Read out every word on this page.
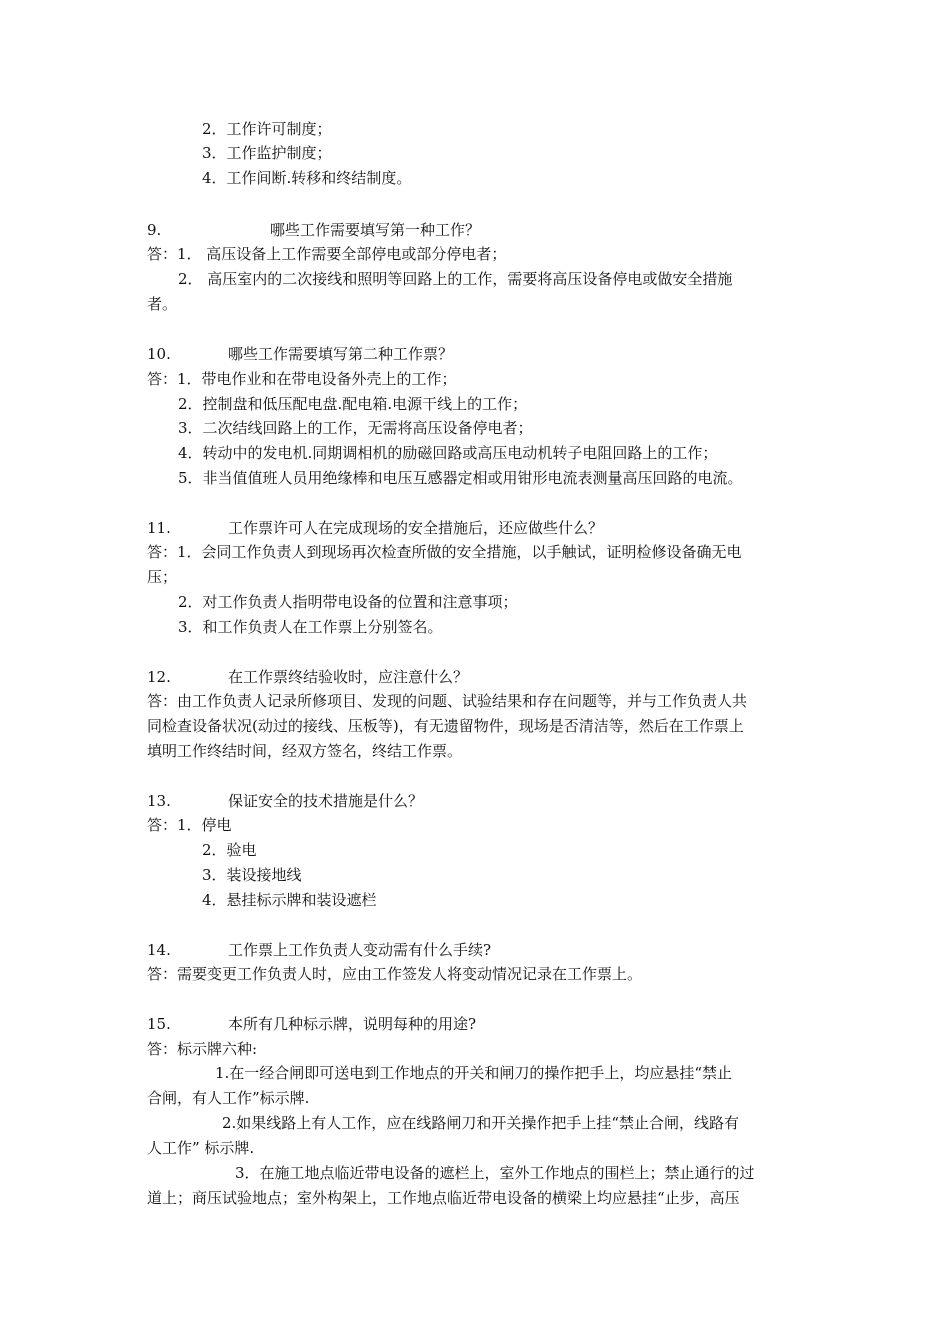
2．工作许可制度；
3．工作监护制度；
4．工作间断.转移和终结制度。
9.	哪些工作需要填写第一种工作？
答：1． 高压设备上工作需要全部停电或部分停电者；
2． 高压室内的二次接线和照明等回路上的工作，需要将高压设备停电或做安全措施
者。
10.	哪些工作需要填写第二种工作票？
答：1．带电作业和在带电设备外壳上的工作；
2．控制盘和低压配电盘.配电箱.电源干线上的工作；
3．二次结线回路上的工作，无需将高压设备停电者；
4．转动中的发电机.同期调相机的励磁回路或高压电动机转子电阻回路上的工作；
5．非当值值班人员用绝缘棒和电压互感器定相或用钳形电流表测量高压回路的电流。
11.	工作票许可人在完成现场的安全措施后，还应做些什么？
答：1．会同工作负责人到现场再次检查所做的安全措施，以手触试，证明检修设备确无电
压；
2．对工作负责人指明带电设备的位置和注意事项；
3．和工作负责人在工作票上分别签名。
12.	在工作票终结验收时，应注意什么？
答：由工作负责人记录所修项目、发现的问题、试验结果和存在问题等，并与工作负责人共
同检查设备状况(动过的接线、压板等)，有无遗留物件，现场是否清洁等，然后在工作票上
填明工作终结时间，经双方签名，终结工作票。
13.	保证安全的技术措施是什么？
答：1．停电
2．验电
3．装设接地线
4．悬挂标示牌和装设遮栏
14.	工作票上工作负责人变动需有什么手续?
答：需要变更工作负责人时，应由工作签发人将变动情况记录在工作票上。
15.	本所有几种标示牌，说明每种的用途?
答：标示牌六种:
1.在一经合闸即可送电到工作地点的开关和闸刀的操作把手上，均应悬挂“禁止
合闸，有人工作”标示牌.
2.如果线路上有人工作，应在线路闸刀和开关操作把手上挂“禁止合闸，线路有
人工作” 标示牌.
3．在施工地点临近带电设备的遮栏上，室外工作地点的围栏上；禁止通行的过
道上；商压试验地点；室外构架上，工作地点临近带电设备的横梁上均应悬挂“止步，高压
